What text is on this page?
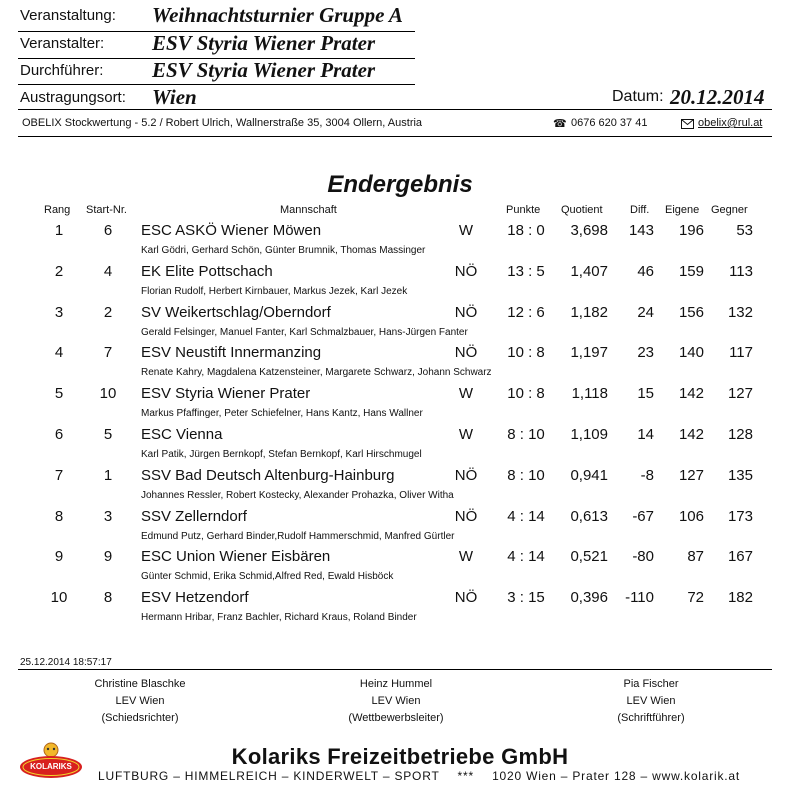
Veranstaltung: Weihnachtsturnier Gruppe A
Veranstalter: ESV Styria Wiener Prater
Durchführer: ESV Styria Wiener Prater
Austragungsort: Wien	Datum: 20.12.2014
OBELIX Stockwertung - 5.2 / Robert Ulrich, Wallnerstraße 35, 3004 Ollern, Austria	☎ 0676 620 37 41	obelix@rul.at
Endergebnis
Rang Start-Nr.	Mannschaft	Punkte Quotient Diff. Eigene Gegner
1	6	ESC ASKÖ Wiener Möwen	W	18 : 0	3,698	143	196	53
Karl Gödri, Gerhard Schön, Günter Brumnik, Thomas Massinger
2	4	EK Elite Pottschach	NÖ	13 : 5	1,407	46	159	113
Florian Rudolf, Herbert Kirnbauer, Markus Jezek, Karl Jezek
3	2	SV Weikertschlag/Oberndorf	NÖ	12 : 6	1,182	24	156	132
Gerald Felsinger, Manuel Fanter, Karl Schmalzbauer, Hans-Jürgen Fanter
4	7	ESV Neustift Innermanzing	NÖ	10 : 8	1,197	23	140	117
Renate Kahry, Magdalena Katzensteiner, Margarete Schwarz, Johann Schwarz
5	10	ESV Styria Wiener Prater	W	10 : 8	1,118	15	142	127
Markus Pfaffinger, Peter Schiefelner, Hans Kantz, Hans Wallner
6	5	ESC Vienna	W	8 : 10	1,109	14	142	128
Karl Patik, Jürgen Bernkopf, Stefan Bernkopf, Karl Hirschmugel
7	1	SSV Bad Deutsch Altenburg-Hainburg	NÖ	8 : 10	0,941	-8	127	135
Johannes Ressler, Robert Kostecky, Alexander Prohazka, Oliver Witha
8	3	SSV Zellerndorf	NÖ	4 : 14	0,613	-67	106	173
Edmund Putz, Gerhard Binder,Rudolf Hammerschmid, Manfred Gürtler
9	9	ESC Union Wiener Eisbären	W	4 : 14	0,521	-80	87	167
Günter Schmid, Erika Schmid,Alfred Red, Ewald Hisböck
10	8	ESV Hetzendorf	NÖ	3 : 15	0,396	-110	72	182
Hermann Hribar, Franz Bachler, Richard Kraus, Roland Binder
25.12.2014 18:57:17
Christine Blaschke
LEV Wien
(Schiedsrichter)
Heinz Hummel
LEV Wien
(Wettbewerbsleiter)
Pia Fischer
LEV Wien
(Schriftführer)
KOLARIKS	Kolariks Freizeitbetriebe GmbH
LUFTBURG – HIMMELREICH – KINDERWELT – SPORT *** 1020 Wien – Prater 128 – www.kolarik.at
